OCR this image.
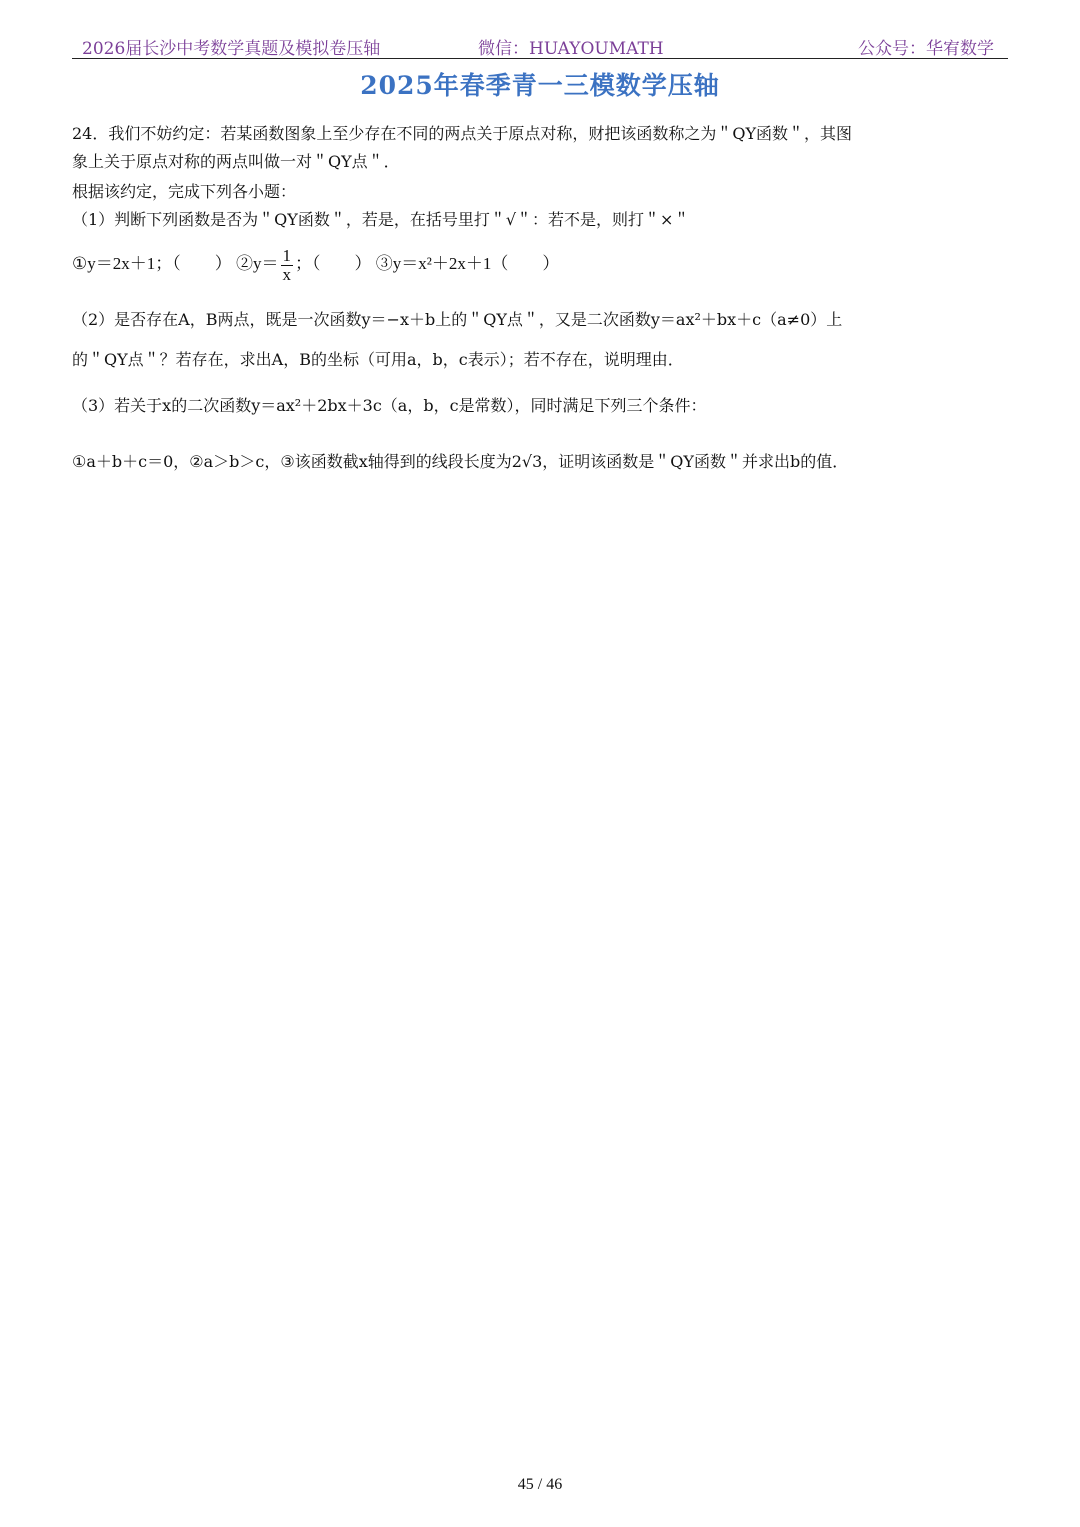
2026届长沙中考数学真题及模拟卷压轴	微信：HUAYOUMATH	公众号：华宥数学
2025年春季青一三模数学压轴
24．我们不妨约定：若某函数图象上至少存在不同的两点关于原点对称，财把该函数称之为＂QY函数＂，其图
象上关于原点对称的两点叫做一对＂QY点＂．
根据该约定，完成下列各小题：
（1）判断下列函数是否为＂QY函数＂，若是，在括号里打＂√＂：若不是，则打＂×＂
①y＝2x＋1；（　　） ②y＝ $\frac{1}{x}$ ；（　　） ③y＝x²＋2x＋1（　　）
（2）是否存在A，B两点，既是一次函数y＝−x＋b上的＂QY点＂，又是二次函数y＝ax²＋bx＋c（a≠0）上
的＂QY点＂？若存在，求出A，B的坐标（可用a，b，c表示）；若不存在，说明理由．
（3）若关于x的二次函数y＝ax²＋2bx＋3c（a，b，c是常数），同时满足下列三个条件：
①a＋b＋c＝0，②a＞b＞c，③该函数截x轴得到的线段长度为2√3，证明该函数是＂QY函数＂并求出b的值．
45 / 46
